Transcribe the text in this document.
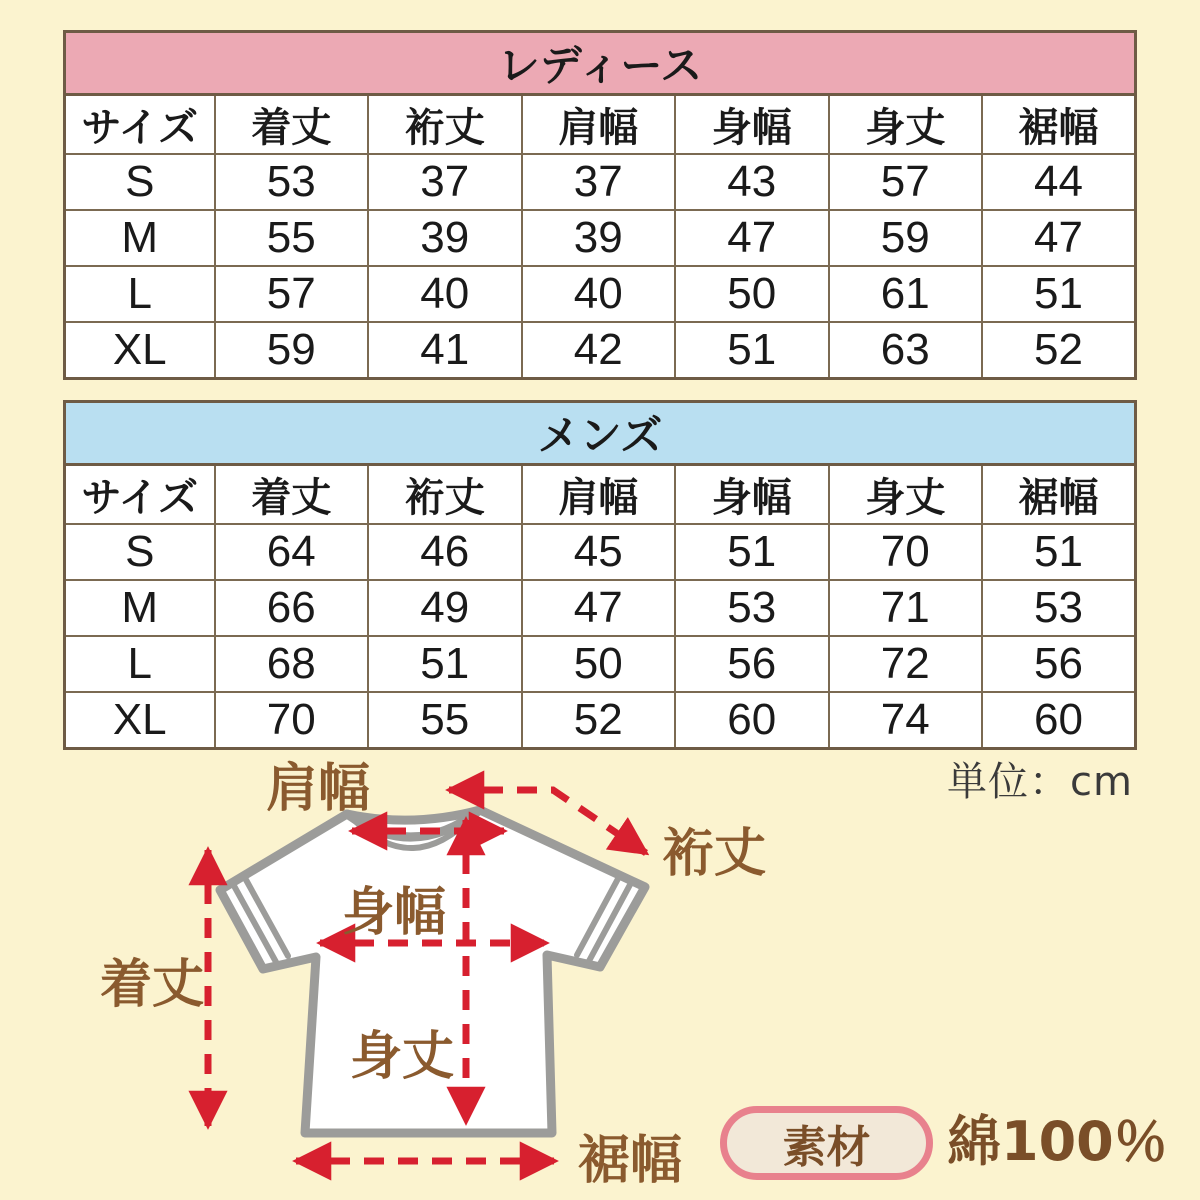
レディース						
サイズ	着丈	裄丈	肩幅	身幅	身丈	裾幅
S	53	37	37	43	57	44
M	55	39	39	47	59	47
L	57	40	40	50	61	51
XL	59	41	42	51	63	52
メンズ						
サイズ	着丈	裄丈	肩幅	身幅	身丈	裾幅
S	64	46	45	51	70	51
M	66	49	47	53	71	53
L	68	51	50	56	72	56
XL	70	55	52	60	74	60
単位：cm
肩幅
裄丈
着丈
身幅
身丈
裾幅	素材	綿100％
